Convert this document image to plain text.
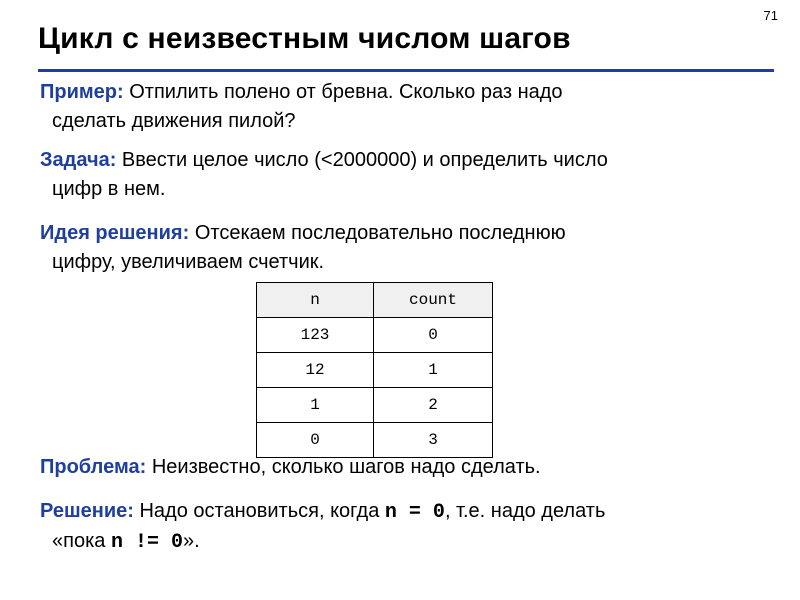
71
Цикл с неизвестным числом шагов
Пример: Отпилить полено от бревна. Сколько раз надо
сделать движения пилой?
Задача: Ввести целое число (<2000000) и определить число
цифр в нем.
Идея решения: Отсекаем последовательно последнюю
цифру, увеличиваем счетчик.
n	count
123	0
12	1
1	2
0	3
Проблема: Неизвестно, сколько шагов надо сделать.
Решение: Надо остановиться, когда n = 0, т.е. надо делать
«пока n != 0».
